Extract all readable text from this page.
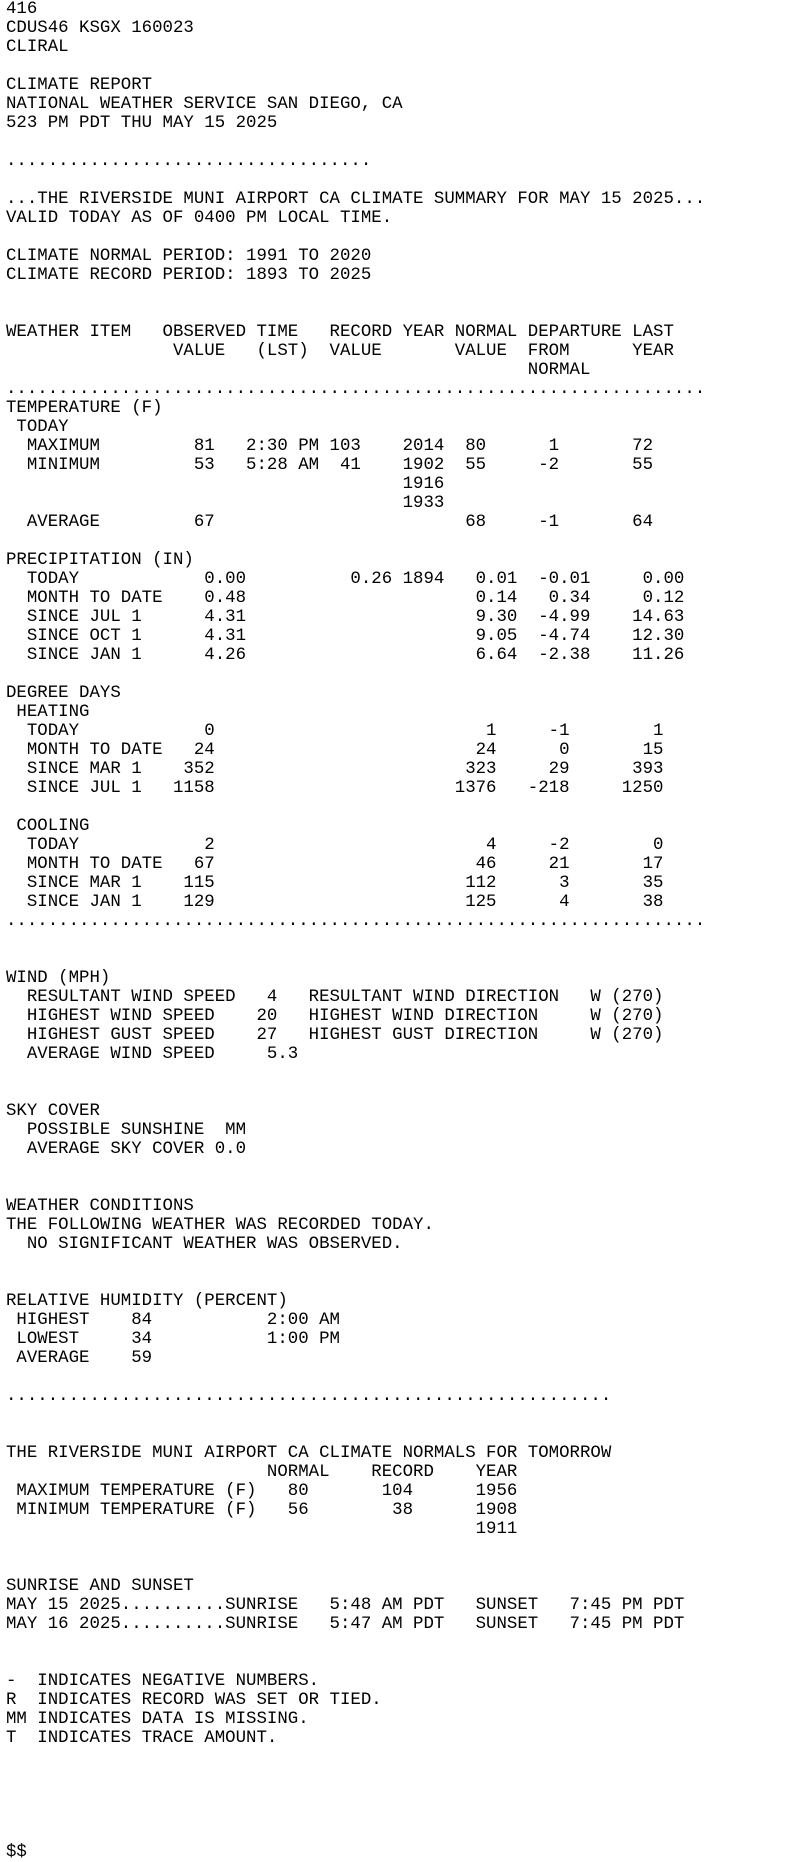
416
CDUS46 KSGX 160023
CLIRAL
CLIMATE REPORT
NATIONAL WEATHER SERVICE SAN DIEGO, CA
523 PM PDT THU MAY 15 2025
...................................
...THE RIVERSIDE MUNI AIRPORT CA CLIMATE SUMMARY FOR MAY 15 2025...
VALID TODAY AS OF 0400 PM LOCAL TIME.
CLIMATE NORMAL PERIOD: 1991 TO 2020
CLIMATE RECORD PERIOD: 1893 TO 2025
WEATHER ITEM   OBSERVED TIME   RECORD YEAR NORMAL DEPARTURE LAST
VALUE   (LST)  VALUE       VALUE  FROM      YEAR
NORMAL
...................................................................
TEMPERATURE (F)
TODAY
MAXIMUM         81   2:30 PM 103    2014  80      1       72
MINIMUM         53   5:28 AM  41    1902  55     -2       55
1916
1933
AVERAGE         67                        68     -1       64
PRECIPITATION (IN)
TODAY            0.00          0.26 1894   0.01  -0.01     0.00
MONTH TO DATE    0.48                      0.14   0.34     0.12
SINCE JUL 1      4.31                      9.30  -4.99    14.63
SINCE OCT 1      4.31                      9.05  -4.74    12.30
SINCE JAN 1      4.26                      6.64  -2.38    11.26
DEGREE DAYS
HEATING
TODAY            0                          1     -1        1
MONTH TO DATE   24                         24      0       15
SINCE MAR 1    352                        323     29      393
SINCE JUL 1   1158                       1376   -218     1250
COOLING
TODAY            2                          4     -2        0
MONTH TO DATE   67                         46     21       17
SINCE MAR 1    115                        112      3       35
SINCE JAN 1    129                        125      4       38
...................................................................
WIND (MPH)
RESULTANT WIND SPEED   4   RESULTANT WIND DIRECTION   W (270)
HIGHEST WIND SPEED    20   HIGHEST WIND DIRECTION     W (270)
HIGHEST GUST SPEED    27   HIGHEST GUST DIRECTION     W (270)
AVERAGE WIND SPEED     5.3
SKY COVER
POSSIBLE SUNSHINE  MM
AVERAGE SKY COVER 0.0
WEATHER CONDITIONS
THE FOLLOWING WEATHER WAS RECORDED TODAY.
NO SIGNIFICANT WEATHER WAS OBSERVED.
RELATIVE HUMIDITY (PERCENT)
HIGHEST    84           2:00 AM
LOWEST     34           1:00 PM
AVERAGE    59
..........................................................
THE RIVERSIDE MUNI AIRPORT CA CLIMATE NORMALS FOR TOMORROW
NORMAL    RECORD    YEAR
MAXIMUM TEMPERATURE (F)   80       104      1956
MINIMUM TEMPERATURE (F)   56        38      1908
1911
SUNRISE AND SUNSET
MAY 15 2025..........SUNRISE   5:48 AM PDT   SUNSET   7:45 PM PDT
MAY 16 2025..........SUNRISE   5:47 AM PDT   SUNSET   7:45 PM PDT
-  INDICATES NEGATIVE NUMBERS.
R  INDICATES RECORD WAS SET OR TIED.
MM INDICATES DATA IS MISSING.
T  INDICATES TRACE AMOUNT.
$$
